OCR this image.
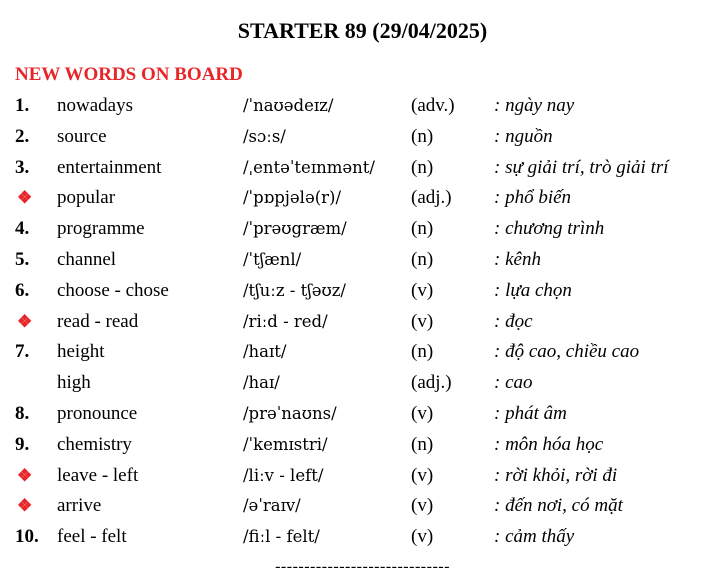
STARTER 89 (29/04/2025)
NEW WORDS ON BOARD
1. nowadays	/ˈnaʊədeɪz/	(adv.) : ngày nay
2. source	/sɔːs/	(n)	: nguồn
3. entertainment	/ˌentəˈteɪnmənt/ (n)	: sự giải trí, trò giải trí
❖ popular	/ˈpɒpjələ(r)/	(adj.) : phổ biến
4. programme	/ˈprəʊgræm/	(n)	: chương trình
5. channel	/ˈtʃænl/	(n)	: kênh
6. choose - chose	/tʃuːz - tʃəʊz/	(v)	: lựa chọn
❖ read - read	/riːd - red/	(v)	: đọc
7. height	/haɪt/	(n)	: độ cao, chiều cao
high	/haɪ/	(adj.) : cao
8. pronounce	/prəˈnaʊns/	(v)	: phát âm
9. chemistry	/ˈkemɪstri/	(n)	: môn hóa học
❖ leave - left	/liːv - left/	(v)	: rời khỏi, rời đi
❖ arrive	/əˈraɪv/	(v)	: đến nơi, có mặt
10. feel - felt	/fiːl - felt/	(v)	: cảm thấy
------------------------------
